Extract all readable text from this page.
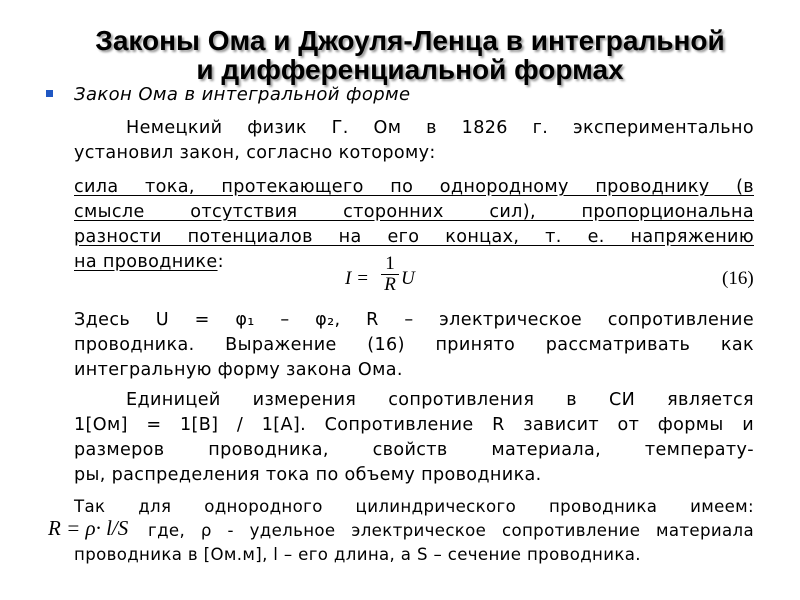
Законы Ома и Джоуля-Ленца в интегральной
и дифференциальной формах
Закон Ома в интегральной форме
Немецкий физик Г. Ом в 1826 г. экспериментально
установил закон, согласно которому:
сила тока, протекающего по однородному проводнику (в
смысле отсутствия сторонних сил), пропорциональна
разности потенциалов на его концах, т. е. напряжению
на проводнике:
I =
1
R U	(16)
Здесь U = φ₁ – φ₂, R – электрическое сопротивление
проводника. Выражение (16) принято рассматривать как
интегральную форму закона Ома.
Единицей измерения сопротивления в СИ является
1[Ом] = 1[В] / 1[А]. Сопротивление R зависит от формы и
размеров проводника, свойств материала, температу-
ры, распределения тока по объему проводника.
Так для однородного цилиндрического проводника имеем:
где, ρ - удельное электрическое сопротивление материала
проводника в [Ом.м], l – его длина, а S – сечение проводника.
R = ρ· l/S
